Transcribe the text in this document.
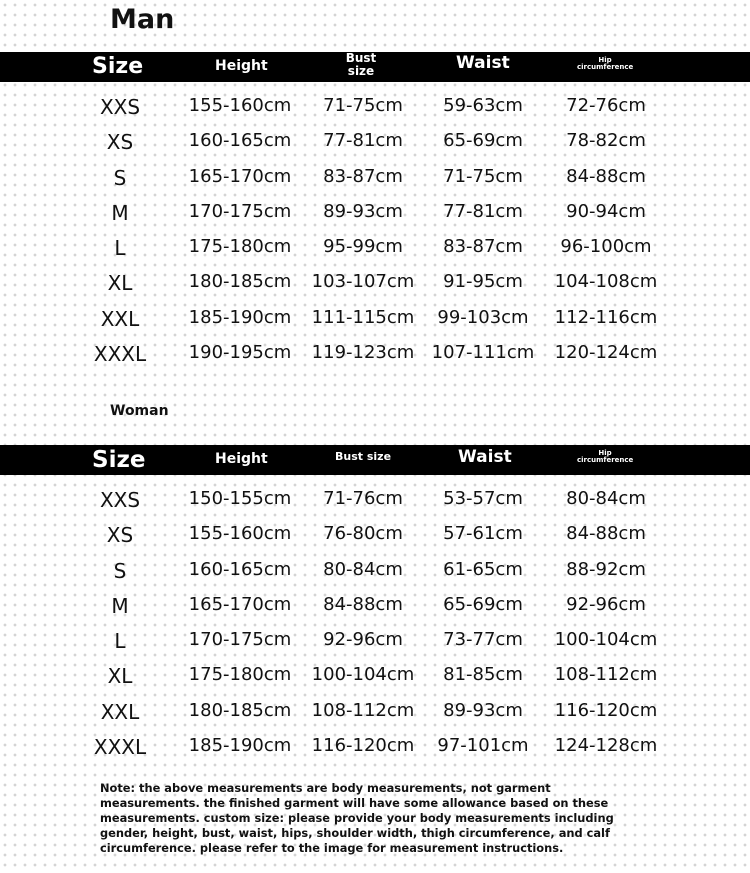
Man
Size	Height	Bust size	Waist	Hip circumference
XXS	155-160cm 71-75cm 59-63cm 72-76cm
XS	160-165cm 77-81cm 65-69cm 78-82cm
S	165-170cm 83-87cm 71-75cm 84-88cm
M	170-175cm 89-93cm 77-81cm 90-94cm
L	175-180cm 95-99cm 83-87cm 96-100cm
XL	180-185cm 103-107cm 91-95cm 104-108cm
XXL	185-190cm 111-115cm 99-103cm 112-116cm
XXXL 190-195cm 119-123cm 107-111cm 120-124cm
Woman
Size	Height	Bust size	Waist	Hip circumference
XXS	150-155cm 71-76cm 53-57cm 80-84cm
XS	155-160cm 76-80cm 57-61cm 84-88cm
S	160-165cm 80-84cm 61-65cm 88-92cm
M	165-170cm 84-88cm 65-69cm 92-96cm
L	170-175cm 92-96cm 73-77cm 100-104cm
XL	175-180cm 100-104cm 81-85cm 108-112cm
XXL	180-185cm 108-112cm 89-93cm 116-120cm
XXXL 185-190cm 116-120cm 97-101cm 124-128cm

Note: the above measurements are body measurements, not garment measurements. the finished garment will have some allowance based on these measurements. custom size: please provide your body measurements including gender, height, bust, waist, hips, shoulder width, thigh circumference, and calf circumference. please refer to the image for measurement instructions.
